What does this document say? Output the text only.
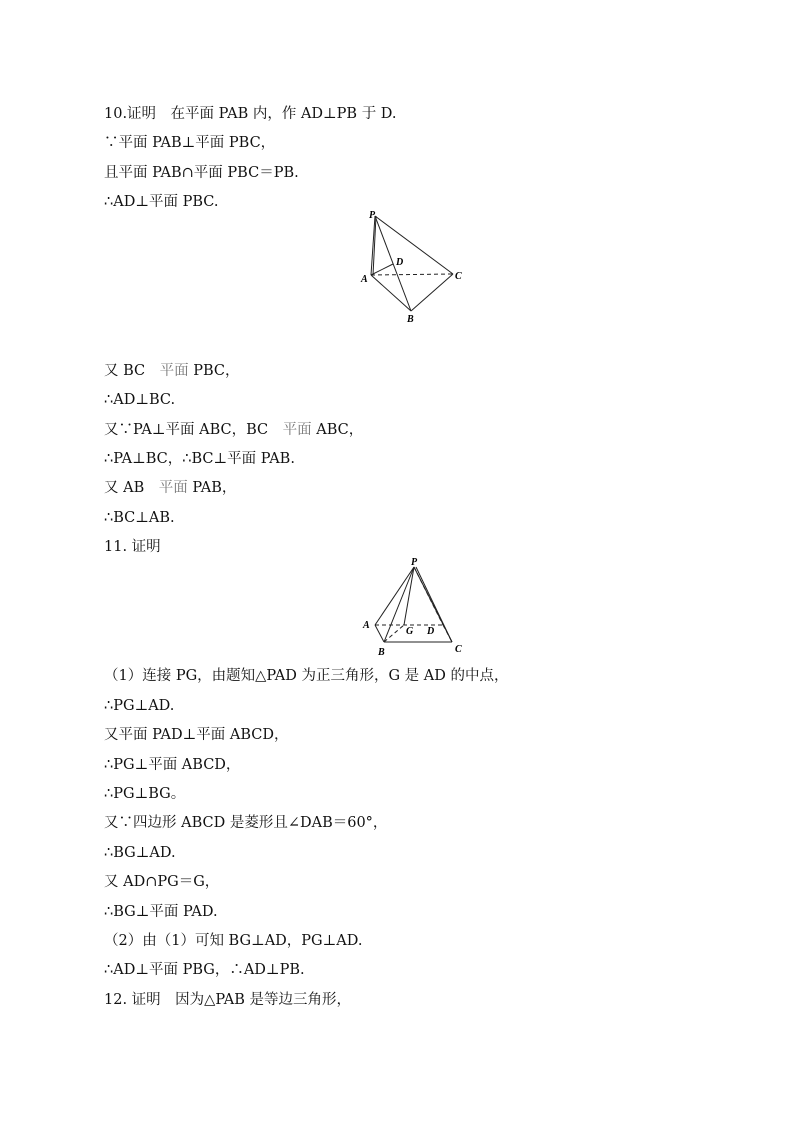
10.证明　在平面 PAB 内，作 AD⊥PB 于 D.
∵平面 PAB⊥平面 PBC，
且平面 PAB∩平面 PBC＝PB.
∴AD⊥平面 PBC.
P
D
A	C
B
又 BC　平面 PBC，
∴AD⊥BC.
又∵PA⊥平面 ABC，BC　平面 ABC，
∴PA⊥BC，∴BC⊥平面 PAB.
又 AB　平面 PAB，
∴BC⊥AB.
11. 证明
P
A
G D
B	C
（1）连接 PG，由题知△PAD 为正三角形，G 是 AD 的中点，
∴PG⊥AD.
又平面 PAD⊥平面 ABCD，
∴PG⊥平面 ABCD，
∴PG⊥BG。
又∵四边形 ABCD 是菱形且∠DAB＝60°，
∴BG⊥AD.
又 AD∩PG＝G，
∴BG⊥平面 PAD.
（2）由（1）可知 BG⊥AD，PG⊥AD.
∴AD⊥平面 PBG，∴AD⊥PB.
12. 证明　因为△PAB 是等边三角形，
